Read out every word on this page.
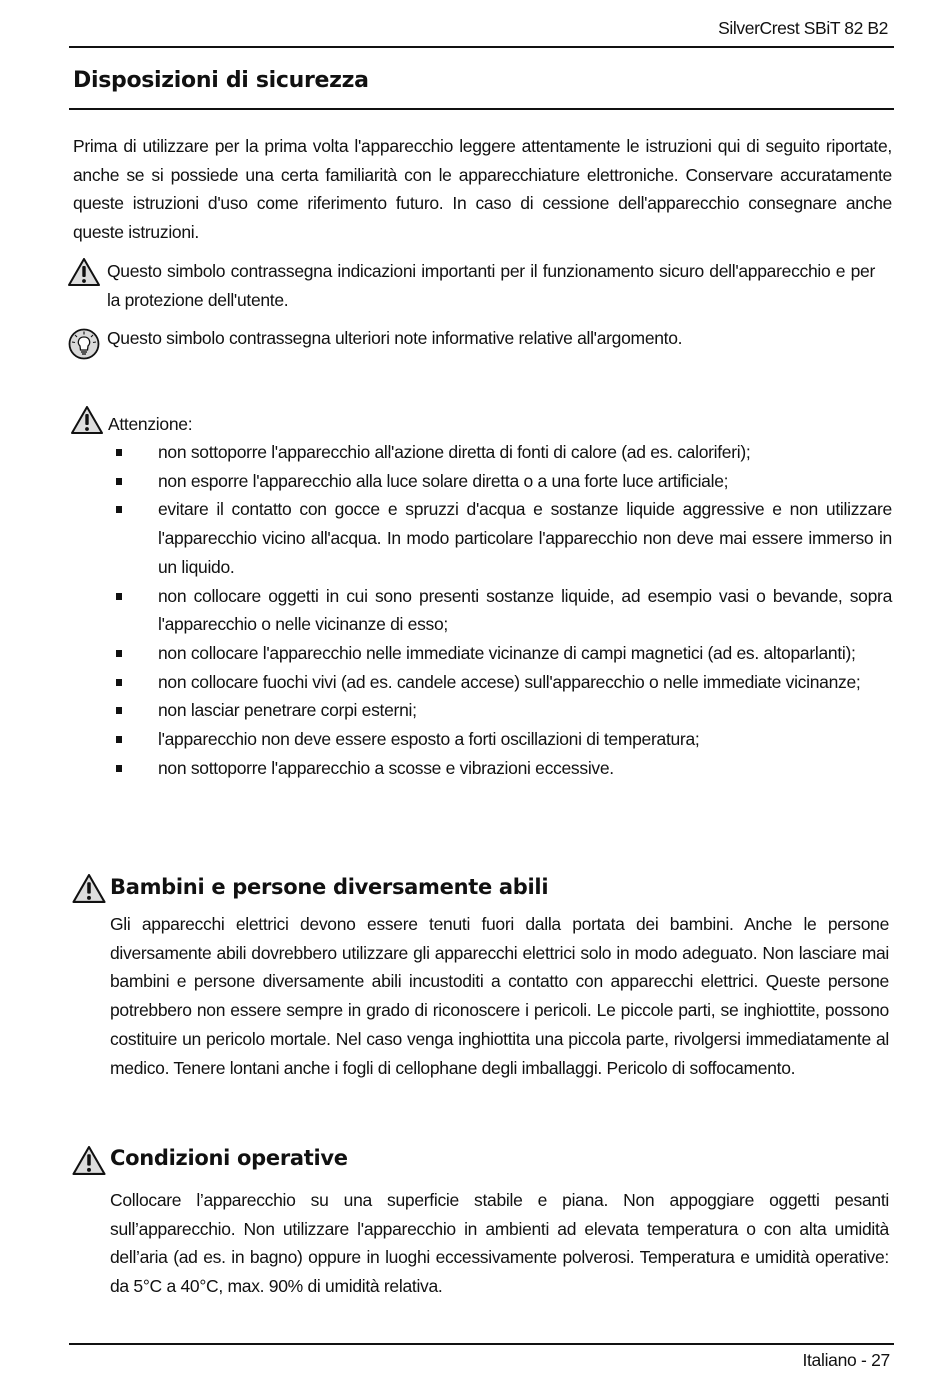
SilverCrest SBiT 82 B2
Disposizioni di sicurezza
Prima di utilizzare per la prima volta l'apparecchio leggere attentamente le istruzioni qui di seguito riportate, anche se si possiede una certa familiarità con le apparecchiature elettroniche. Conservare accuratamente queste istruzioni d'uso come riferimento futuro. In caso di cessione dell'apparecchio consegnare anche queste istruzioni.
Questo simbolo contrassegna indicazioni importanti per il funzionamento sicuro dell'apparecchio e per la protezione dell'utente.
Questo simbolo contrassegna ulteriori note informative relative all'argomento.
Attenzione:
non sottoporre l'apparecchio all'azione diretta di fonti di calore (ad es. caloriferi);
non esporre l'apparecchio alla luce solare diretta o a una forte luce artificiale;
evitare il contatto con gocce e spruzzi d'acqua e sostanze liquide aggressive e non utilizzare l'apparecchio vicino all'acqua. In modo particolare l'apparecchio non deve mai essere immerso in un liquido.
non collocare oggetti in cui sono presenti sostanze liquide, ad esempio vasi o bevande, sopra l'apparecchio o nelle vicinanze di esso;
non collocare l'apparecchio nelle immediate vicinanze di campi magnetici (ad es. altoparlanti);
non collocare fuochi vivi (ad es. candele accese) sull'apparecchio o nelle immediate vicinanze;
non lasciar penetrare corpi esterni;
l'apparecchio non deve essere esposto a forti oscillazioni di temperatura;
non sottoporre l'apparecchio a scosse e vibrazioni eccessive.
Bambini e persone diversamente abili
Gli apparecchi elettrici devono essere tenuti fuori dalla portata dei bambini. Anche le persone diversamente abili dovrebbero utilizzare gli apparecchi elettrici solo in modo adeguato. Non lasciare mai bambini e persone diversamente abili incustoditi a contatto con apparecchi elettrici. Queste persone potrebbero non essere sempre in grado di riconoscere i pericoli. Le piccole parti, se inghiottite, possono costituire un pericolo mortale. Nel caso venga inghiottita una piccola parte, rivolgersi immediatamente al medico. Tenere lontani anche i fogli di cellophane degli imballaggi. Pericolo di soffocamento.
Condizioni operative
Collocare l’apparecchio su una superficie stabile e piana. Non appoggiare oggetti pesanti sull’apparecchio. Non utilizzare l'apparecchio in ambienti ad elevata temperatura o con alta umidità dell’aria (ad es. in bagno) oppure in luoghi eccessivamente polverosi. Temperatura e umidità operative: da 5°C a 40°C, max. 90% di umidità relativa.
Italiano - 27
